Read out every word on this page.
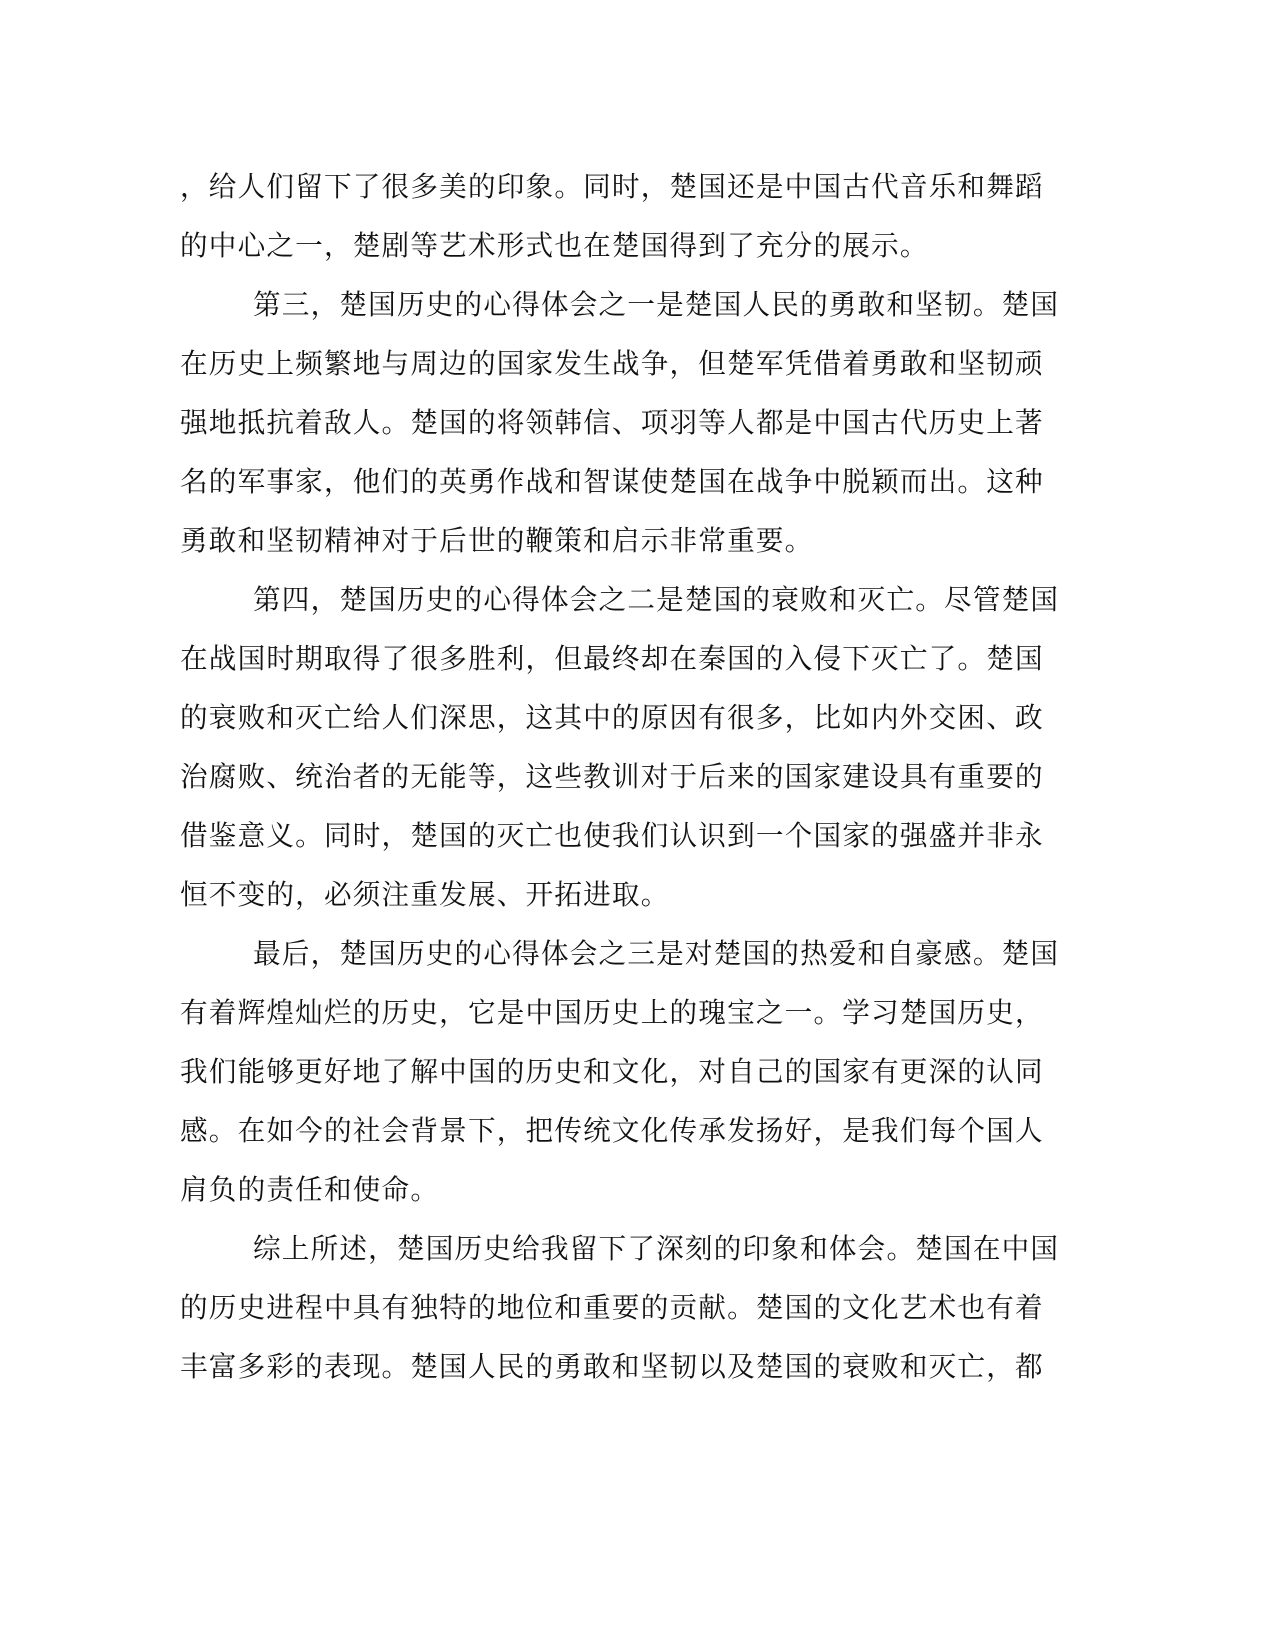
，给人们留下了很多美的印象。同时，楚国还是中国古代音乐和舞蹈
的中心之一，楚剧等艺术形式也在楚国得到了充分的展示。
第三，楚国历史的心得体会之一是楚国人民的勇敢和坚韧。楚国
在历史上频繁地与周边的国家发生战争，但楚军凭借着勇敢和坚韧顽
强地抵抗着敌人。楚国的将领韩信、项羽等人都是中国古代历史上著
名的军事家，他们的英勇作战和智谋使楚国在战争中脱颖而出。这种
勇敢和坚韧精神对于后世的鞭策和启示非常重要。
第四，楚国历史的心得体会之二是楚国的衰败和灭亡。尽管楚国
在战国时期取得了很多胜利，但最终却在秦国的入侵下灭亡了。楚国
的衰败和灭亡给人们深思，这其中的原因有很多，比如内外交困、政
治腐败、统治者的无能等，这些教训对于后来的国家建设具有重要的
借鉴意义。同时，楚国的灭亡也使我们认识到一个国家的强盛并非永
恒不变的，必须注重发展、开拓进取。
最后，楚国历史的心得体会之三是对楚国的热爱和自豪感。楚国
有着辉煌灿烂的历史，它是中国历史上的瑰宝之一。学习楚国历史，
我们能够更好地了解中国的历史和文化，对自己的国家有更深的认同
感。在如今的社会背景下，把传统文化传承发扬好，是我们每个国人
肩负的责任和使命。
综上所述，楚国历史给我留下了深刻的印象和体会。楚国在中国
的历史进程中具有独特的地位和重要的贡献。楚国的文化艺术也有着
丰富多彩的表现。楚国人民的勇敢和坚韧以及楚国的衰败和灭亡，都
